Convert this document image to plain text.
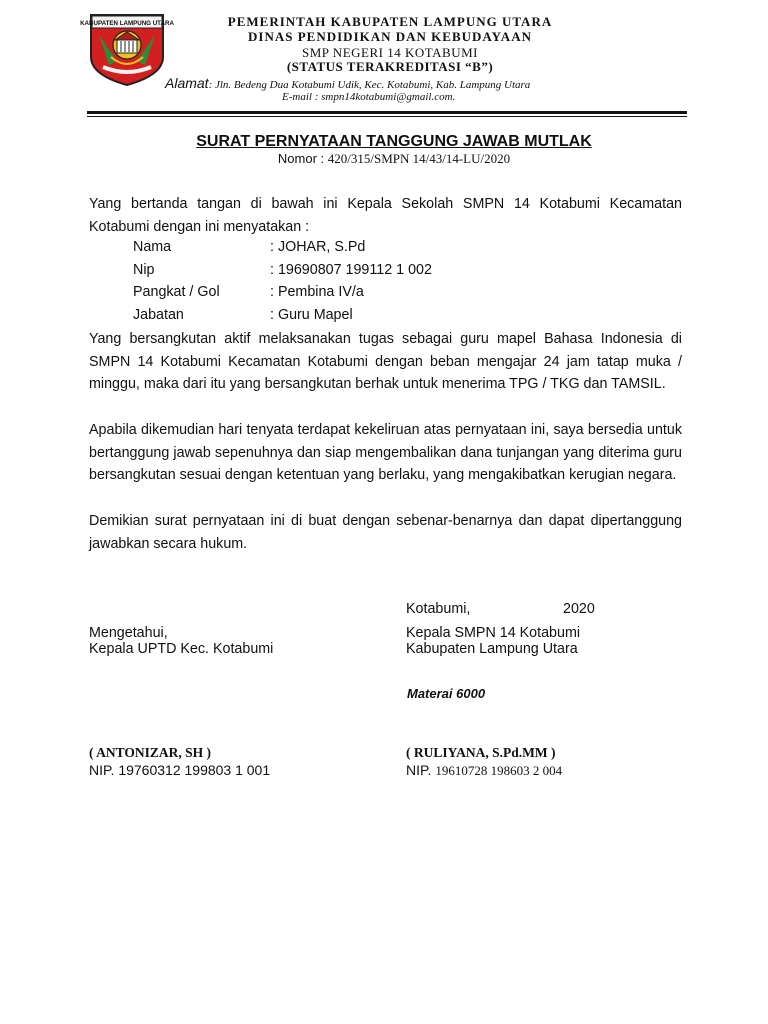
KABUPATEN LAMPUNG UTARA	PEMERINTAH KABUPATEN LAMPUNG UTARA
DINAS PENDIDIKAN DAN KEBUDAYAAN
SMP NEGERI 14 KOTABUMI
(STATUS TERAKREDITASI “B”)
Alamat: Jln. Bedeng Dua Kotabumi Udik, Kec. Kotabumi, Kab. Lampung Utara
E-mail : smpn14kotabumi@gmail.com.
SURAT PERNYATAAN TANGGUNG JAWAB MUTLAK
Nomor : 420/315/SMPN 14/43/14-LU/2020
Yang bertanda tangan di bawah ini Kepala Sekolah SMPN 14 Kotabumi Kecamatan Kotabumi dengan ini menyatakan :
Nama	: JOHAR, S.Pd
Nip	: 19690807 199112 1 002
Pangkat / Gol	: Pembina IV/a
Jabatan	: Guru Mapel
Yang bersangkutan aktif melaksanakan tugas sebagai guru mapel Bahasa Indonesia di SMPN 14 Kotabumi Kecamatan Kotabumi dengan beban mengajar 24 jam tatap muka / minggu, maka dari itu yang bersangkutan berhak untuk menerima TPG / TKG dan TAMSIL.
Apabila dikemudian hari tenyata terdapat kekeliruan atas pernyataan ini, saya bersedia untuk bertanggung jawab sepenuhnya dan siap mengembalikan dana tunjangan yang diterima guru bersangkutan sesuai dengan ketentuan yang berlaku, yang mengakibatkan kerugian negara.
Demikian surat pernyataan ini di buat dengan sebenar-benarnya dan dapat dipertanggung jawabkan secara hukum.
Kotabumi,	2020
Mengetahui,
Kepala UPTD Kec. Kotabumi
Kepala SMPN 14 Kotabumi
Kabupaten Lampung Utara
Materai 6000
( ANTONIZAR, SH )
NIP. 19760312 199803 1 001
( RULIYANA, S.Pd.MM )
NIP. 19610728 198603 2 004
